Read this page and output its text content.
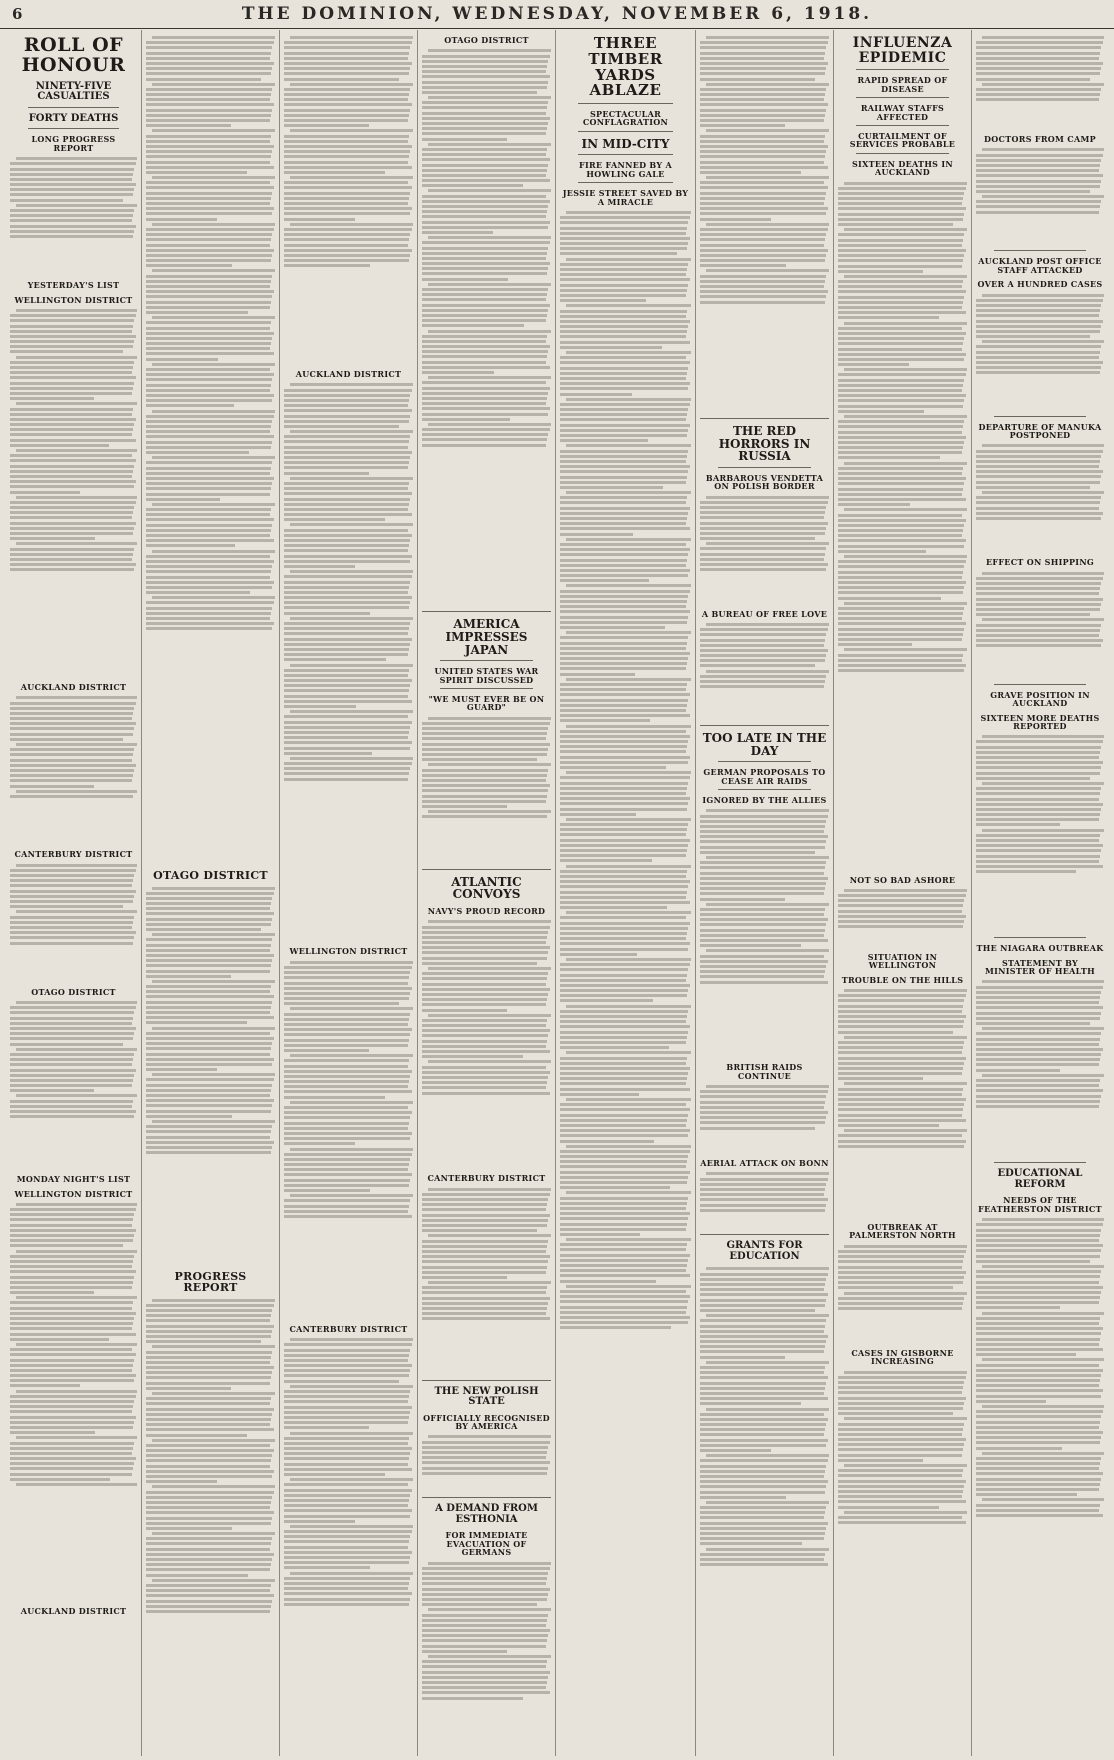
6	THE DOMINION, WEDNESDAY, NOVEMBER 6, 1918.
ROLL OF HONOUR
NINETY-FIVE CASUALTIES
FORTY DEATHS
LONG PROGRESS REPORT
YESTERDAY'S LIST
WELLINGTON DISTRICT
AUCKLAND DISTRICT
CANTERBURY DISTRICT
OTAGO DISTRICT
MONDAY NIGHT'S LIST
WELLINGTON DISTRICT
AUCKLAND DISTRICT
OTAGO DISTRICT
PROGRESS REPORT
AUCKLAND DISTRICT
WELLINGTON DISTRICT
CANTERBURY DISTRICT
OTAGO DISTRICT
AMERICA IMPRESSES JAPAN
UNITED STATES WAR SPIRIT DISCUSSED
"WE MUST EVER BE ON GUARD"
ATLANTIC CONVOYS
NAVY'S PROUD RECORD
CANTERBURY DISTRICT
THE NEW POLISH STATE
OFFICIALLY RECOGNISED BY AMERICA
A DEMAND FROM ESTHONIA
FOR IMMEDIATE EVACUATION OF GERMANS
THREE TIMBER YARDS ABLAZE
SPECTACULAR CONFLAGRATION
IN MID-CITY
FIRE FANNED BY A HOWLING GALE
JESSIE STREET SAVED BY A MIRACLE
THE RED HORRORS IN RUSSIA
BARBAROUS VENDETTA ON POLISH BORDER
A BUREAU OF FREE LOVE
TOO LATE IN THE DAY
GERMAN PROPOSALS TO CEASE AIR RAIDS
IGNORED BY THE ALLIES
BRITISH RAIDS CONTINUE
AERIAL ATTACK ON BONN
GRANTS FOR EDUCATION
INFLUENZA EPIDEMIC
RAPID SPREAD OF DISEASE
RAILWAY STAFFS AFFECTED
CURTAILMENT OF SERVICES PROBABLE
SIXTEEN DEATHS IN AUCKLAND
NOT SO BAD ASHORE
SITUATION IN WELLINGTON
TROUBLE ON THE HILLS
OUTBREAK AT PALMERSTON NORTH
CASES IN GISBORNE INCREASING
DOCTORS FROM CAMP
AUCKLAND POST OFFICE STAFF ATTACKED
OVER A HUNDRED CASES
DEPARTURE OF MANUKA POSTPONED
EFFECT ON SHIPPING
GRAVE POSITION IN AUCKLAND
SIXTEEN MORE DEATHS REPORTED
THE NIAGARA OUTBREAK
STATEMENT BY MINISTER OF HEALTH
EDUCATIONAL REFORM
NEEDS OF THE FEATHERSTON DISTRICT
